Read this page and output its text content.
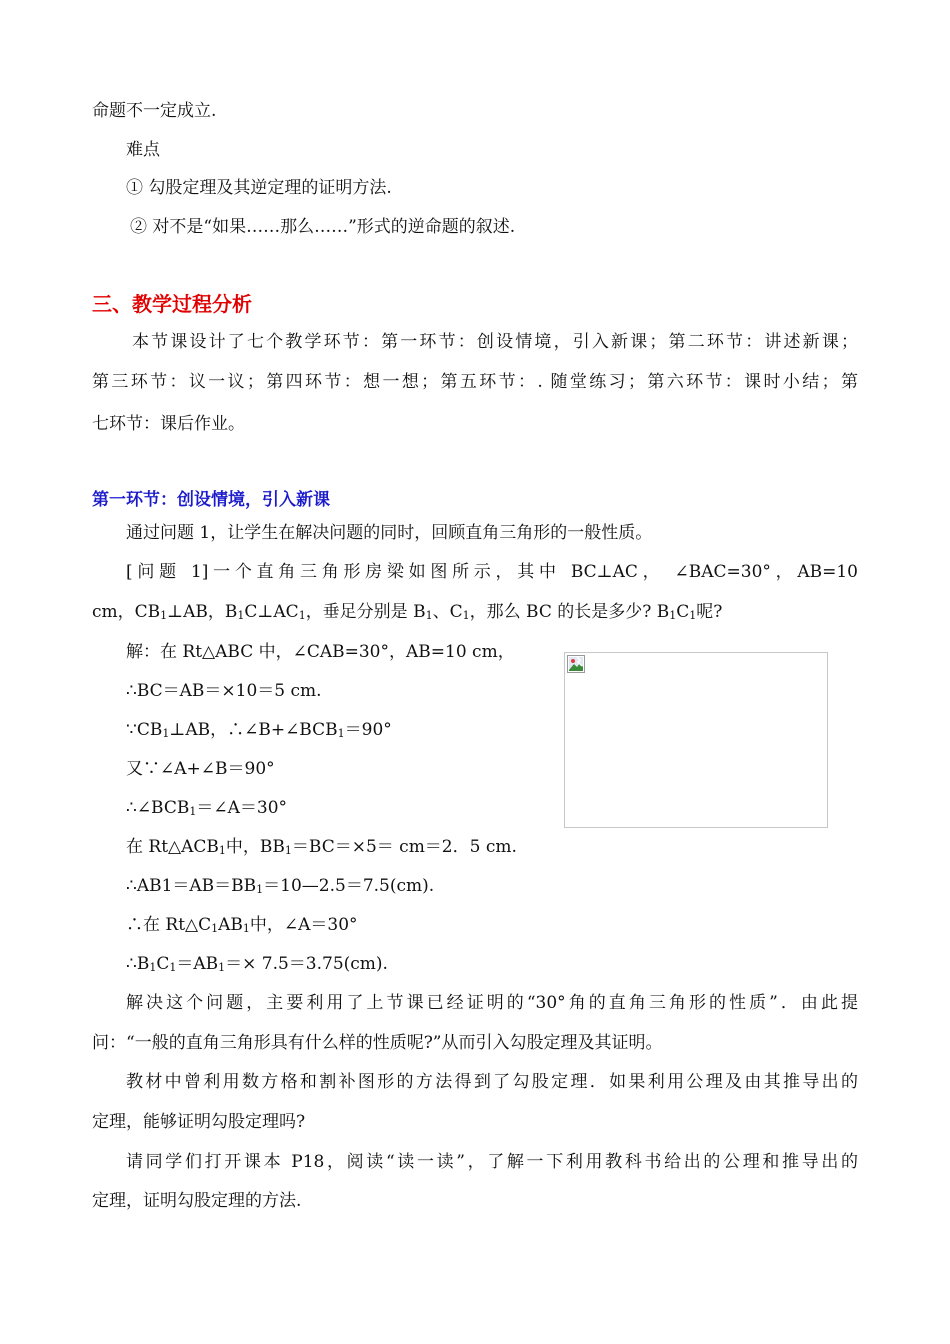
命题不一定成立.
难点
① 勾股定理及其逆定理的证明方法.
② 对不是“如果……那么……”形式的逆命题的叙述.
三、教学过程分析
本节课设计了七个教学环节：第一环节：创设情境，引入新课；第二环节：讲述新课；
第三环节：议一议；第四环节：想一想；第五环节：. 随堂练习；第六环节：课时小结；第
七环节：课后作业。
第一环节：创设情境，引入新课
通过问题 1，让学生在解决问题的同时，回顾直角三角形的一般性质。
[问题 1]一个直角三角形房梁如图所示，其中 BC⊥AC， ∠BAC=30°，AB=10
cm，$CB_1\perp AB$，$B_1C\perp AC_1$，垂足分别是 $B_1$、$C_1$，那么 BC 的长是多少? $B_1C_1$呢?
解：在 Rt△ABC 中，∠CAB=30°，AB=10 cm，
∴BC＝AB＝×10＝5 cm.
$\because CB_1\perp AB$，$\therefore\angle B+\angle BCB_1=90^\circ$
又∵∠A+∠B＝90°
$\therefore\angle BCB_1=\angle A=30^\circ$
在 $Rt\triangle ACB_1$中，$BB_1=BC=\times 5= cm=2$．5 cm.
$\therefore AB1=AB=BB_1=10—2.5=7.5(cm)$.
∴在 $Rt\triangle C_1AB_1$中，∠A＝30°
$\therefore B_1C_1=AB_1=\times 7.5=3.75(cm)$.
解决这个问题，主要利用了上节课已经证明的“30°角的直角三角形的性质”．由此提
问：“一般的直角三角形具有什么样的性质呢?”从而引入勾股定理及其证明。
教材中曾利用数方格和割补图形的方法得到了勾股定理．如果利用公理及由其推导出的
定理，能够证明勾股定理吗?
请同学们打开课本 P18，阅读“读一读”，了解一下利用教科书给出的公理和推导出的
定理，证明勾股定理的方法.
